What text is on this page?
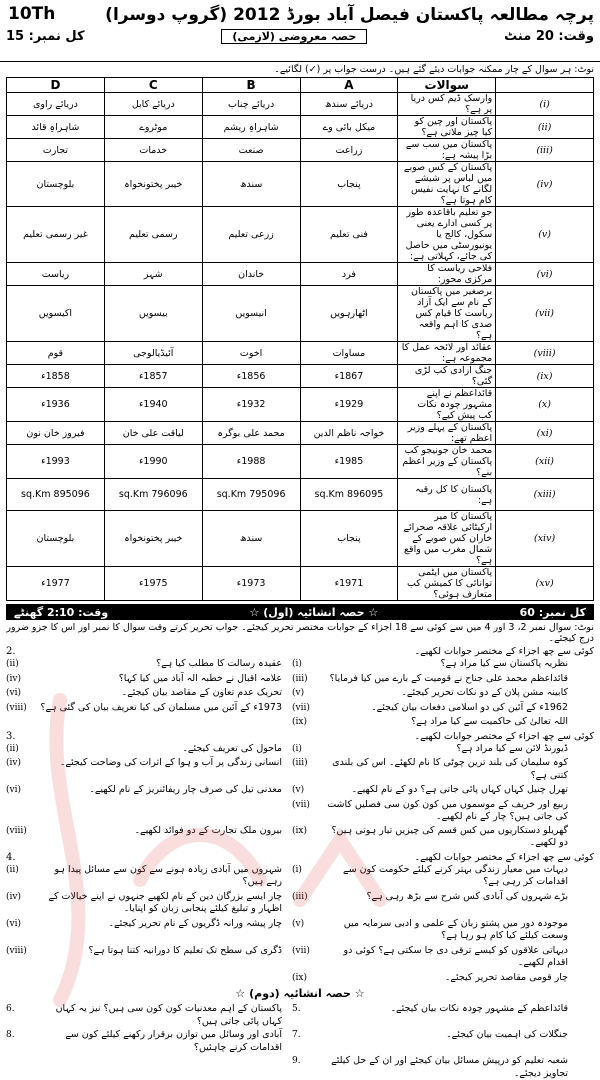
پرچہ مطالعہ پاکستان فیصل آباد بورڈ 2012 (گروپ دوسرا)
10Th
وقت: 20 منٹ
حصہ معروضی (لازمی)
کل نمبر: 15
نوٹ: ہر سوال کے چار ممکنہ جوابات دیئے گئے ہیں۔ درست جواب پر (✓) لگائیے۔
	سوالات	A	B	C	D
(i)	وارسک ڈیم کس دریا پر ہے؟	دریائے سندھ	دریائے چناب	دریائے کابل	دریائے راوی
(ii)	پاکستان اور چین کو کیا چیز ملاتی ہے؟	میکل بائی وے	شاہراہِ ریشم	موٹروے	شاہراہِ قائد
(iii)	پاکستان میں سب سے بڑا پیشہ ہے:	زراعت	صنعت	خدمات	تجارت
(iv)	پاکستان کے کس صوبے میں لباس پر شیشے لگانے کا نہایت نفیس کام ہوتا ہے؟	پنجاب	سندھ	خیبر پختونخواہ	بلوچستان
(v)	جو تعلیم باقاعدہ طور پر کسی ادارے یعنی سکول، کالج یا یونیورسٹی میں حاصل کی جائے، کہلاتی ہے:	فنی تعلیم	زرعی تعلیم	رسمی تعلیم	غیر رسمی تعلیم
(vi)	فلاحی ریاست کا مرکزی محور:	فرد	خاندان	شہر	ریاست
(vii)	برصغیر میں پاکستان کے نام سے ایک آزاد ریاست کا قیام کس صدی کا اہم واقعہ ہے؟	اٹھارہویں	انیسویں	بیسویں	اکیسویں
(viii)	عقائد اور لائحہ عمل کا مجموعہ ہے:	مساوات	اخوت	آئیڈیالوجی	قوم
(ix)	جنگ آزادی کب لڑی گئی؟	1867ء	1856ء	1857ء	1858ء
(x)	قائداعظم نے اپنے مشہور چودہ نکات کب پیش کیے؟	1929ء	1932ء	1940ء	1936ء
(xi)	پاکستان کے پہلے وزیر اعظم تھے:	خواجہ ناظم الدین	محمد علی بوگرہ	لیاقت علی خان	فیروز خان نون
(xii)	محمد خان جونیجو کب پاکستان کے وزیر اعظم بنے؟	1985ء	1988ء	1990ء	1993ء
(xiii)	پاکستان کا کل رقبہ ہے:	896095 sq.Km	795096 sq.Km	796096 sq.Km	895096 sq.Km
(xiv)	پاکستان کا میر ارکیٹائی علاقہ صحرائے خاران کس صوبے کے شمال مغرب میں واقع ہے؟	پنجاب	سندھ	خیبر پختونخواہ	بلوچستان
(xv)	پاکستان میں ایٹمی توانائی کا کمیشن کب متعارف ہوئی؟	1971ء	1973ء	1975ء	1977ء
کل نمبر: 60
☆ حصہ انشائیہ (اول) ☆
وقت: 2:10 گھنٹے
نوٹ: سوال نمبر 2، 3 اور 4 میں سے کوئی سے 18 اجزاء کے جوابات مختصر تحریر کیجئے۔ جواب تحریر کرتے وقت سوال کا نمبر اور اس کا جزو ضرور درج کیجئے۔
کوئی سے چھ اجزاء کے مختصر جوابات لکھیے۔
2.
نظریہ پاکستان سے کیا مراد ہے؟
(i)
عقیدہ رسالت کا مطلب کیا ہے؟
(ii)
قائداعظم محمد علی جناح نے قومیت کے بارے میں کیا فرمایا؟
(iii)
علامہ اقبال نے خطبہ الہ آباد میں کیا کہا؟
(iv)
کابینہ مشن پلان کے دو نکات تحریر کیجئے۔
(v)
تحریک عدم تعاون کے مقاصد بیان کیجئے۔
(vi)
1962ء کے آئین کی دو اسلامی دفعات بیان کیجئے۔
(vii)
1973ء کے آئین میں مسلمان کی کیا تعریف بیان کی گئی ہے؟
(viii)
اللہ تعالیٰ کی حاکمیت سے کیا مراد ہے؟
(ix)
کوئی سے چھ اجزاء کے مختصر جوابات لکھیے۔
3.
ڈیورنڈ لائن سے کیا مراد ہے؟
(i)
ماحول کی تعریف کیجئے۔
(ii)
کوہ سلیمان کی بلند ترین چوٹی کا نام لکھئے۔ اس کی بلندی کتنی ہے؟
(iii)
انسانی زندگی پر آب و ہوا کے اثرات کی وضاحت کیجئے۔
(iv)
تھرل چنیل کہاں کہاں پائی جاتی ہے؟ دو کے نام لکھیے۔
(v)
معدنی تیل کی صرف چار ریفائنریز کے نام لکھیے۔
(vi)
ربیع اور خریف کے موسموں میں کون کون سی فصلیں کاشت کی جاتی ہیں؟ چار کے نام لکھیے۔
(vii)
گھریلو دستکاریوں میں کس قسم کی چیزیں تیار ہوتی ہیں؟ دو لکھیے۔
(ix)
بیرون ملک تجارت کے دو فوائد لکھیے۔
(viii)
کوئی سے چھ اجزاء کے مختصر جوابات لکھیے۔
4.
دیہات میں معیار زندگی بہتر کرنے کیلئے حکومت کون سے اقدامات کر رہی ہے؟
(i)
شہروں میں آبادی زیادہ ہونے سے کون سے مسائل پیدا ہو رہے ہیں؟
(ii)
بڑے شہروں کی آبادی کس شرح سے بڑھ رہی ہے؟
(iii)
چار ایسے بزرگان دین کے نام لکھیے جنہوں نے اپنے خیالات کے اظہار و تبلیغ کیلئے پنجابی زبان کو اپنایا۔
(iv)
موجودہ دور میں پشتو زبان کے علمی و ادبی سرمایہ میں وسعت کیلئے کیا کام ہو رہا ہے؟
(v)
چار پیشہ ورانہ ڈگریوں کے نام تحریر کیجئے۔
(vi)
دیہاتی علاقوں کو کیسے ترقی دی جا سکتی ہے؟ کوئی دو اقدام لکھیے۔
(vii)
ڈگری کی سطح تک تعلیم کا دورانیہ کتنا ہوتا ہے؟
(viii)
چار قومی مقاصد تحریر کیجئے۔
(ix)
☆ حصہ انشائیہ (دوم) ☆
قائداعظم کے مشہور چودہ نکات بیان کیجئے۔
5.
پاکستان کے اہم معدنیات کون کون سی ہیں؟ نیز یہ کہاں کہاں پائی جاتی ہیں؟
6.
جنگلات کی اہمیت بیان کیجئے۔
7.
آبادی اور وسائل میں توازن برقرار رکھنے کیلئے کون سے اقدامات کرنے چاہئیں؟
8.
شعبہ تعلیم کو درپیش مسائل بیان کیجئے اور ان کے حل کیلئے تجاویز دیجئے۔
9.
